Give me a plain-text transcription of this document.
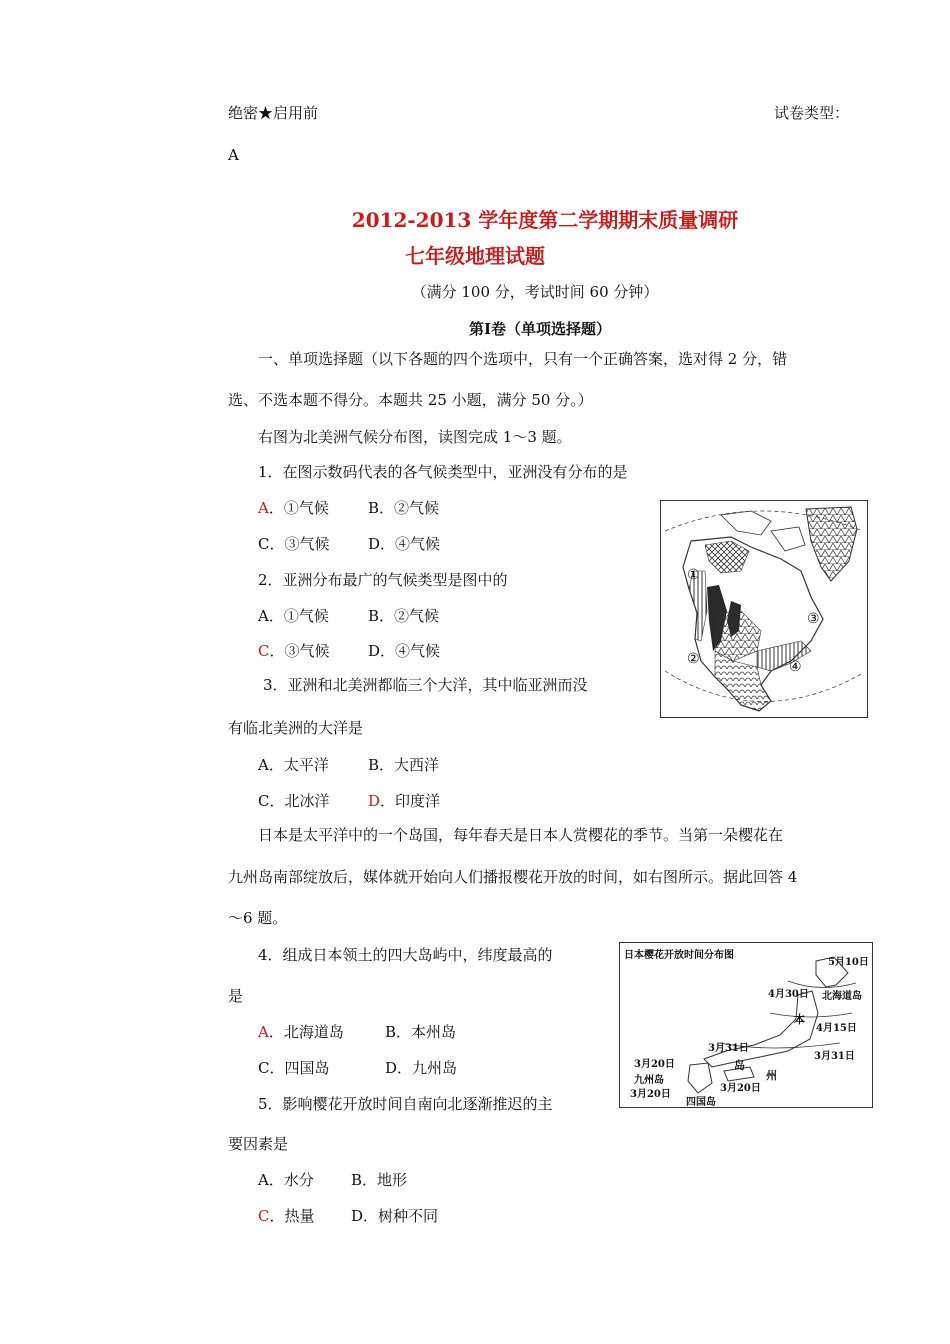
绝密★启用前	试卷类型：
A
2012-2013 学年度第二学期期末质量调研
七年级地理试题
（满分 100 分，考试时间 60 分钟）
第Ⅰ卷（单项选择题）
一、单项选择题（以下各题的四个选项中，只有一个正确答案，选对得 2 分，错
选、不选本题不得分。本题共 25 小题，满分 50 分。）
右图为北美洲气候分布图，读图完成 1～3 题。
1．在图示数码代表的各气候类型中，亚洲没有分布的是
A．①气候	B．②气候
C．③气候	D．④气候
2．亚洲分布最广的气候类型是图中的
A．①气候	B．②气候
C．③气候	D．④气候
3．亚洲和北美洲都临三个大洋，其中临亚洲而没
有临北美洲的大洋是
A．太平洋	B．大西洋
C．北冰洋	D．印度洋
日本是太平洋中的一个岛国，每年春天是日本人赏樱花的季节。当第一朵樱花在
九州岛南部绽放后，媒体就开始向人们播报樱花开放的时间，如右图所示。据此回答 4
～6 题。
4．组成日本领土的四大岛屿中，纬度最高的
是
A．北海道岛	B．本州岛
C．四国岛	D．九州岛
5．影响樱花开放时间自南向北逐渐推迟的主
要因素是
A．水分 B．地形
C．热量 D．树种不同
①
②
③
④
日本樱花开放时间分布图
5月10日
4月30日
4月15日
3月31日
3月31日
3月20日
3月20日
3月20日
北海道岛
本
州
岛
九州岛
四国岛
